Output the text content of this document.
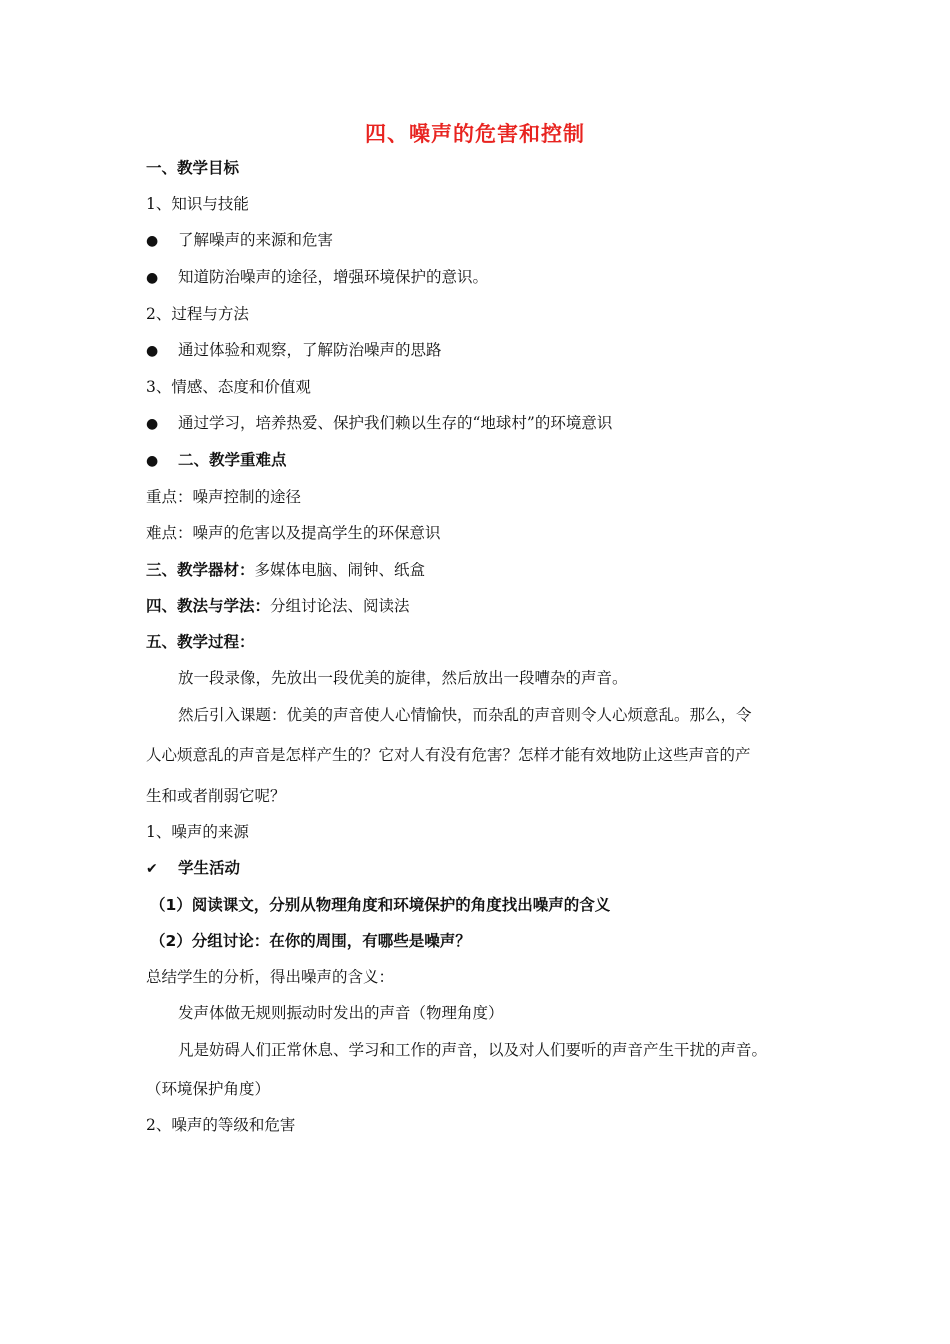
四、噪声的危害和控制
一、教学目标
1、知识与技能
● 了解噪声的来源和危害
● 知道防治噪声的途径，增强环境保护的意识。
2、过程与方法
● 通过体验和观察，了解防治噪声的思路
3、情感、态度和价值观
● 通过学习，培养热爱、保护我们赖以生存的“地球村”的环境意识
● 二、教学重难点
重点：噪声控制的途径
难点：噪声的危害以及提高学生的环保意识
三、教学器材：多媒体电脑、闹钟、纸盒
四、教法与学法：分组讨论法、阅读法
五、教学过程：
放一段录像，先放出一段优美的旋律，然后放出一段嘈杂的声音。
然后引入课题：优美的声音使人心情愉快，而杂乱的声音则令人心烦意乱。那么，令
人心烦意乱的声音是怎样产生的？它对人有没有危害？怎样才能有效地防止这些声音的产
生和或者削弱它呢？
1、噪声的来源
✔ 学生活动
（1）阅读课文，分别从物理角度和环境保护的角度找出噪声的含义
（2）分组讨论：在你的周围，有哪些是噪声？
总结学生的分析，得出噪声的含义：
发声体做无规则振动时发出的声音（物理角度）
凡是妨碍人们正常休息、学习和工作的声音，以及对人们要听的声音产生干扰的声音。
（环境保护角度）
2、噪声的等级和危害
